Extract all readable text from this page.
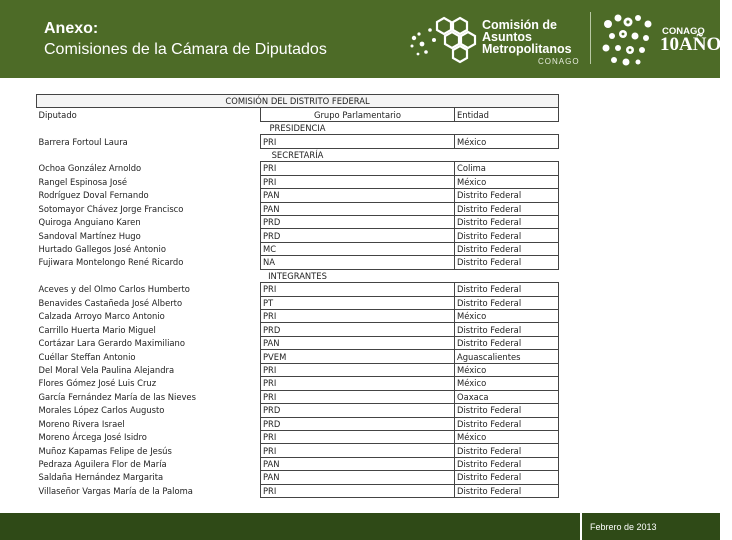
Anexo:
Comisiones de la Cámara de Diputados
Comisión de
Asuntos
Metropolitanos
CONAGO
CONAGO
10AÑOS
COMISIÓN DEL DISTRITO FEDERAL		
Diputado	Grupo Parlamentario	Entidad
PRESIDENCIA		
Barrera Fortoul Laura	PRI	México
SECRETARÍA		
Ochoa González Arnoldo	PRI	Colima
Rangel Espinosa José	PRI	México
Rodríguez Doval Fernando	PAN	Distrito Federal
Sotomayor Chávez Jorge Francisco	PAN	Distrito Federal
Quiroga Anguiano Karen	PRD	Distrito Federal
Sandoval Martínez Hugo	PRD	Distrito Federal
Hurtado Gallegos José Antonio	MC	Distrito Federal
Fujiwara Montelongo René Ricardo	NA	Distrito Federal
INTEGRANTES		
Aceves y del Olmo Carlos Humberto	PRI	Distrito Federal
Benavides Castañeda José Alberto	PT	Distrito Federal
Calzada Arroyo Marco Antonio	PRI	México
Carrillo Huerta Mario Miguel	PRD	Distrito Federal
Cortázar Lara Gerardo Maximiliano	PAN	Distrito Federal
Cuéllar Steffan Antonio	PVEM	Aguascalientes
Del Moral Vela Paulina Alejandra	PRI	México
Flores Gómez José Luis Cruz	PRI	México
García Fernández María de las Nieves	PRI	Oaxaca
Morales López Carlos Augusto	PRD	Distrito Federal
Moreno Rivera Israel	PRD	Distrito Federal
Moreno Árcega José Isidro	PRI	México
Muñoz Kapamas Felipe de Jesús	PRI	Distrito Federal
Pedraza Aguilera Flor de María	PAN	Distrito Federal
Saldaña Hernández Margarita	PAN	Distrito Federal
Villaseñor Vargas María de la Paloma	PRI	Distrito Federal
Febrero de 2013
